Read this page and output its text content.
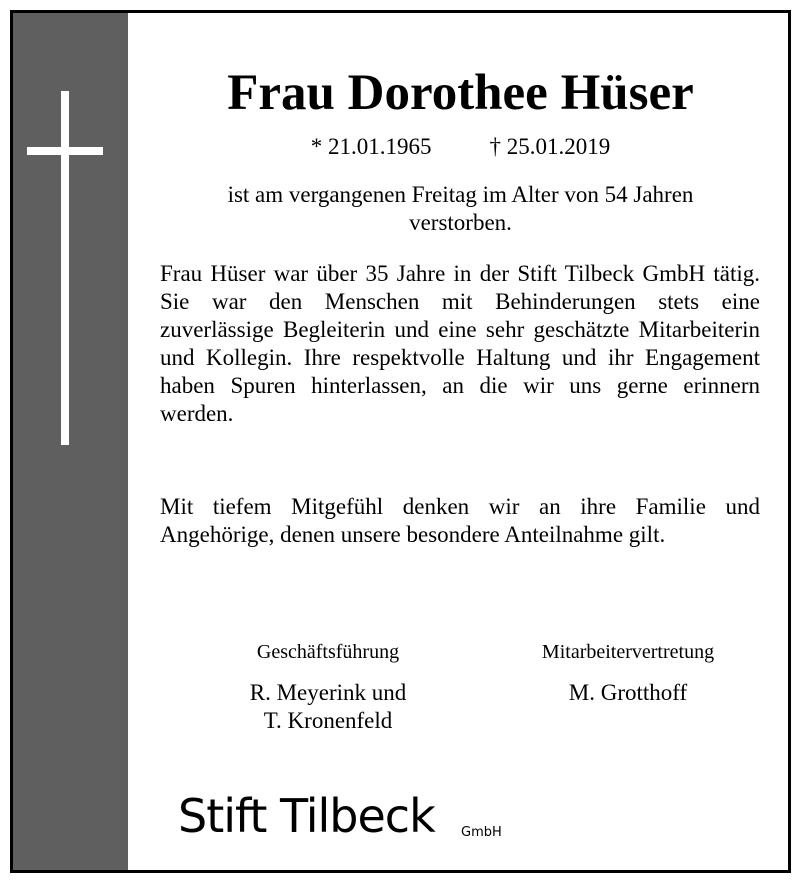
Frau Dorothee Hüser
* 21.01.1965	† 25.01.2019
ist am vergangenen Freitag im Alter von 54 Jahren
verstorben.

Frau Hüser war über 35 Jahre in der Stift Tilbeck GmbH tätig. Sie war den Menschen mit Behinderungen stets eine zuverlässige Begleiterin und eine sehr geschätzte Mitarbeiterin und Kollegin. Ihre respektvolle Haltung und ihr Engagement haben Spuren hinterlassen, an die wir uns gerne erinnern werden.

Mit tiefem Mitgefühl denken wir an ihre Familie und Angehörige, denen unsere besondere Anteilnahme gilt.

Geschäftsführung
R. Meyerink und
T. Kronenfeld
Mitarbeitervertretung
M. Grotthoff
Stift Tilbeck GmbH
